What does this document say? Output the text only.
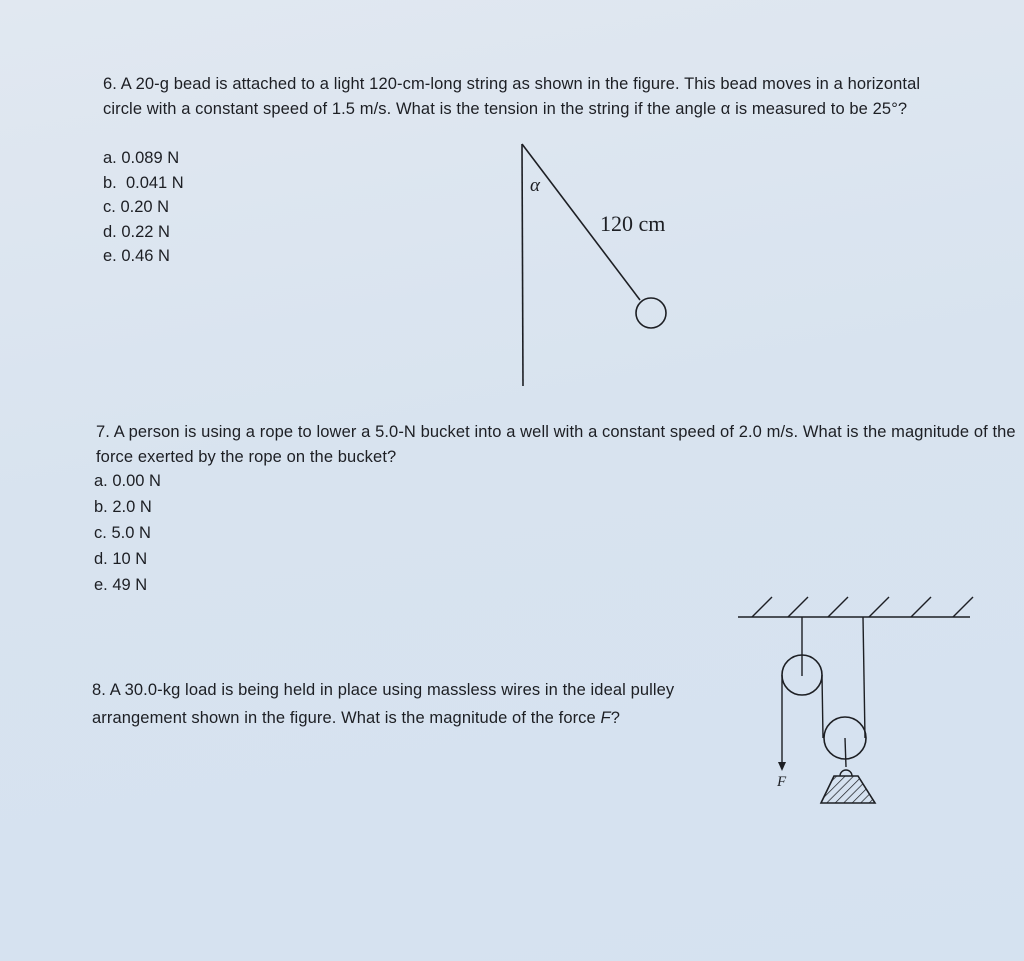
6. A 20-g bead is attached to a light 120-cm-long string as shown in the figure. This bead moves in a horizontal circle with a constant speed of 1.5 m/s. What is the tension in the string if the angle α is measured to be 25°?
a. 0.089 N
b. 0.041 N
c. 0.20 N
d. 0.22 N
e. 0.46 N
α
120 cm
7. A person is using a rope to lower a 5.0-N bucket into a well with a constant speed of 2.0 m/s. What is the magnitude of the force exerted by the rope on the bucket?
a. 0.00 N
b. 2.0 N
c. 5.0 N
d. 10 N
e. 49 N
8. A 30.0-kg load is being held in place using massless wires in the ideal pulley arrangement shown in the figure. What is the magnitude of the force F?
F
